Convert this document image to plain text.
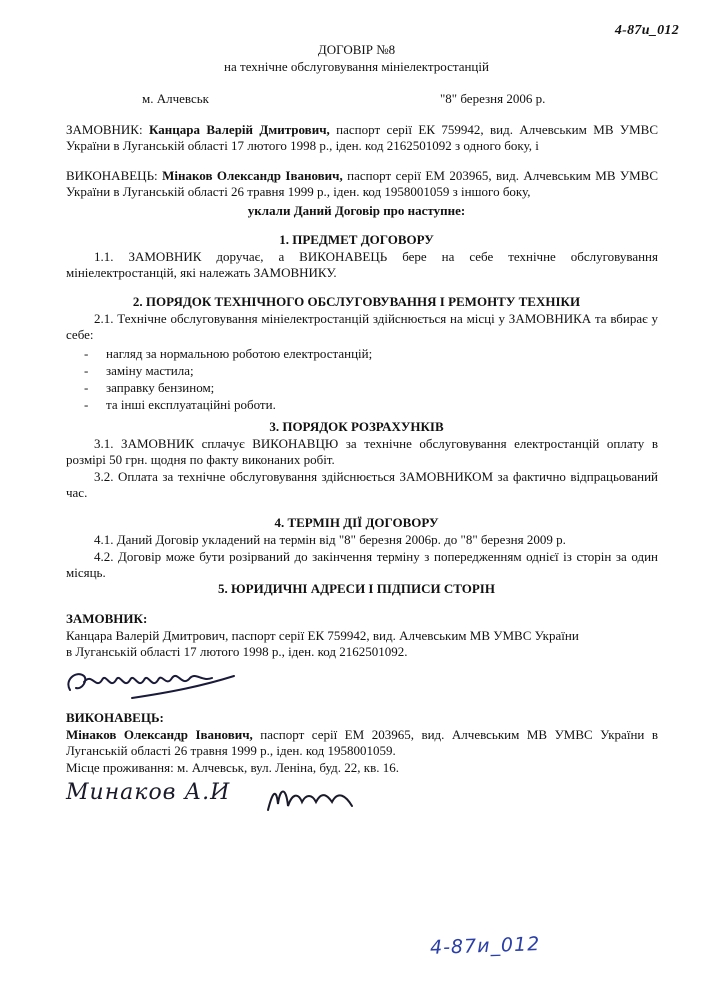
4-87и_012
ДОГОВІР №8
на технічне обслуговування мініелектростанцій
м. Алчевськ	"8" березня 2006 р.
ЗАМОВНИК: Канцара Валерій Дмитрович, паспорт серії ЕК 759942, вид. Алчевським МВ УМВС України в Луганській області 17 лютого 1998 р., іден. код 2162501092 з одного боку, і
ВИКОНАВЕЦЬ: Мінаков Олександр Іванович, паспорт серії ЕМ 203965, вид. Алчевським МВ УМВС України в Луганській області 26 травня 1999 р., іден. код 1958001059 з іншого боку,
уклали Даний Договір про наступне:
1. ПРЕДМЕТ ДОГОВОРУ
1.1. ЗАМОВНИК доручає, а ВИКОНАВЕЦЬ бере на себе технічне обслуговування мініелектростанцій, які належать ЗАМОВНИКУ.
2. ПОРЯДОК ТЕХНІЧНОГО ОБСЛУГОВУВАННЯ І РЕМОНТУ ТЕХНІКИ
2.1. Технічне обслуговування мініелектростанцій здійснюється на місці у ЗАМОВНИКА та вбирає у себе:
- нагляд за нормальною роботою електростанцій;
- заміну мастила;
- заправку бензином;
- та інші експлуатаційні роботи.
3. ПОРЯДОК РОЗРАХУНКІВ
3.1. ЗАМОВНИК сплачує ВИКОНАВЦЮ за технічне обслуговування електростанцій оплату в розмірі 50 грн. щодня по факту виконаних робіт.
3.2. Оплата за технічне обслуговування здійснюється ЗАМОВНИКОМ за фактично відпрацьований час.
4. ТЕРМІН ДІЇ ДОГОВОРУ
4.1. Даний Договір укладений на термін від "8" березня 2006р. до "8" березня 2009 р.
4.2. Договір може бути розірваний до закінчення терміну з попередженням однієї із сторін за один місяць.
5. ЮРИДИЧНІ АДРЕСИ І ПІДПИСИ СТОРІН
ЗАМОВНИК:
Канцара Валерій Дмитрович, паспорт серії ЕК 759942, вид. Алчевським МВ УМВС України
в Луганській області 17 лютого 1998 р., іден. код 2162501092.
ВИКОНАВЕЦЬ:
Мінаков Олександр Іванович, паспорт серії ЕМ 203965, вид. Алчевським МВ УМВС України в Луганській області 26 травня 1999 р., іден. код 1958001059.
Місце проживання: м. Алчевськ, вул. Леніна, буд. 22, кв. 16.
Минаков А.И
4-87и_012
